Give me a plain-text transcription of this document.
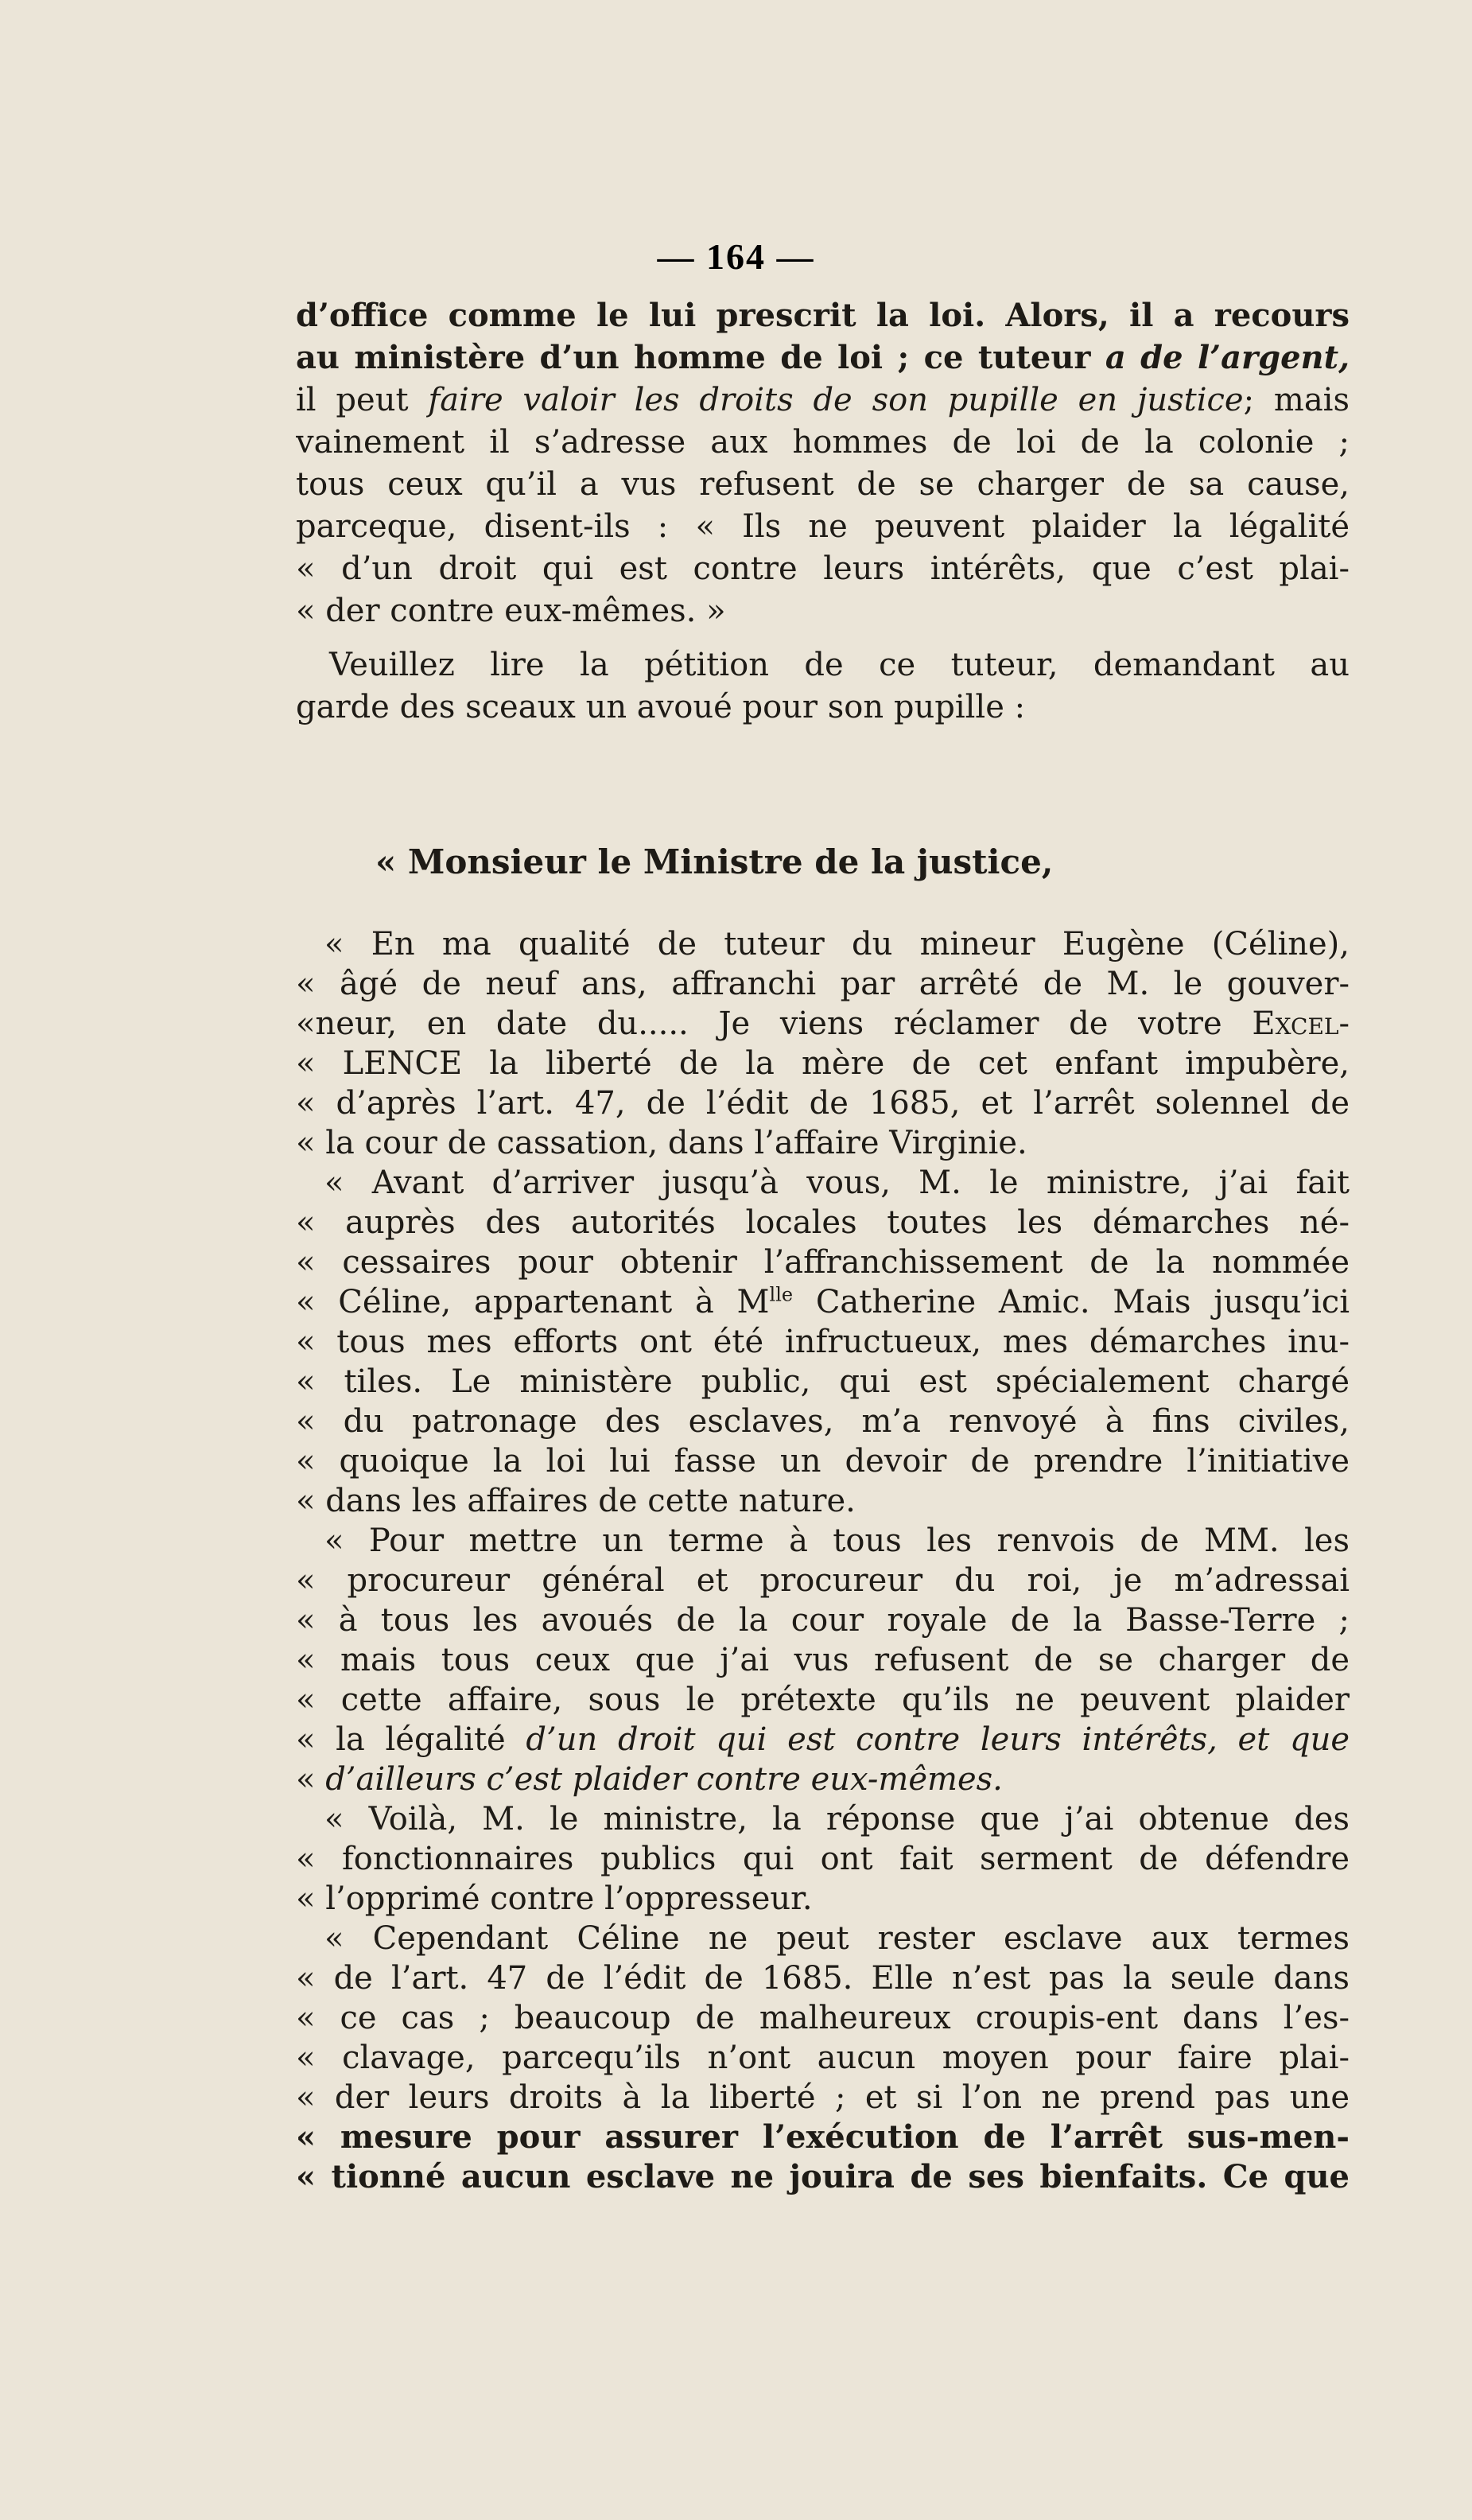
— 164 —
d’office comme le lui prescrit la loi. Alors, il a recours
au ministère d’un homme de loi ; ce tuteur a de l’argent,
il peut faire valoir les droits de son pupille en justice; mais
vainement il s’adresse aux hommes de loi de la colonie ;
tous ceux qu’il a vus refusent de se charger de sa cause,
parceque, disent-ils : « Ils ne peuvent plaider la légalité
« d’un droit qui est contre leurs intérêts, que c’est plai-
« der contre eux-mêmes. »
Veuillez lire la pétition de ce tuteur, demandant au
garde des sceaux un avoué pour son pupille :
« Monsieur le Ministre de la justice,
« En ma qualité de tuteur du mineur Eugène (Céline),
« âgé de neuf ans, affranchi par arrêté de M. le gouver-
«neur, en date du..... Je viens réclamer de votre Excel-
« LENCE la liberté de la mère de cet enfant impubère,
« d’après l’art. 47, de l’édit de 1685, et l’arrêt solennel de
« la cour de cassation, dans l’affaire Virginie.
« Avant d’arriver jusqu’à vous, M. le ministre, j’ai fait
« auprès des autorités locales toutes les démarches né-
« cessaires pour obtenir l’affranchissement de la nommée
« Céline, appartenant à $M^{lle}$ Catherine Amic. Mais jusqu’ici
« tous mes efforts ont été infructueux, mes démarches inu-
« tiles. Le ministère public, qui est spécialement chargé
« du patronage des esclaves, m’a renvoyé à fins civiles,
« quoique la loi lui fasse un devoir de prendre l’initiative
« dans les affaires de cette nature.
« Pour mettre un terme à tous les renvois de MM. les
« procureur général et procureur du roi, je m’adressai
« à tous les avoués de la cour royale de la Basse-Terre ;
« mais tous ceux que j’ai vus refusent de se charger de
« cette affaire, sous le prétexte qu’ils ne peuvent plaider
« la légalité d’un droit qui est contre leurs intérêts, et que
« d’ailleurs c’est plaider contre eux-mêmes.
« Voilà, M. le ministre, la réponse que j’ai obtenue des
« fonctionnaires publics qui ont fait serment de défendre
« l’opprimé contre l’oppresseur.
« Cependant Céline ne peut rester esclave aux termes
« de l’art. 47 de l’édit de 1685. Elle n’est pas la seule dans
« ce cas ; beaucoup de malheureux croupis-ent dans l’es-
« clavage, parcequ’ils n’ont aucun moyen pour faire plai-
« der leurs droits à la liberté ; et si l’on ne prend pas une
« mesure pour assurer l’exécution de l’arrêt sus-men-
« tionné aucun esclave ne jouira de ses bienfaits. Ce que
